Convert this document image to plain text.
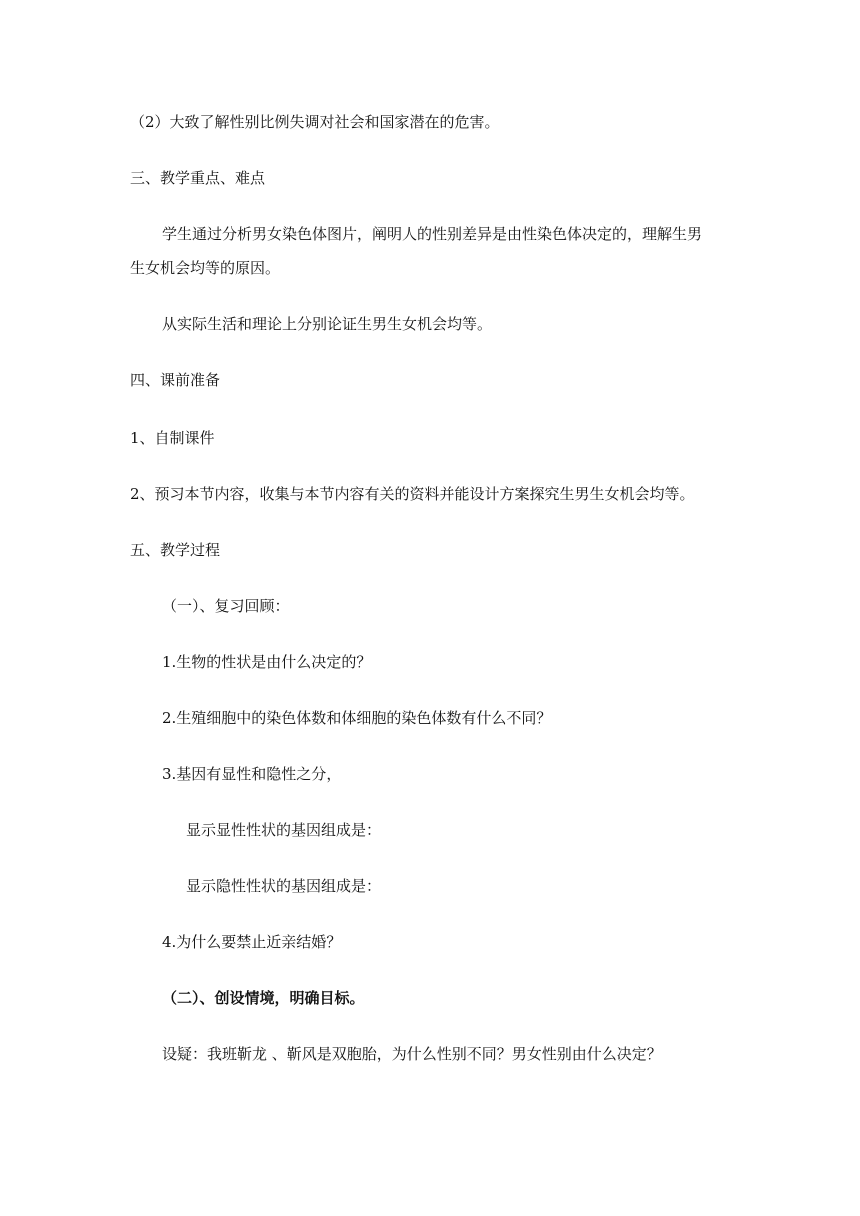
（2）大致了解性别比例失调对社会和国家潜在的危害。

三、教学重点、难点

学生通过分析男女染色体图片，阐明人的性别差异是由性染色体决定的，理解生男

生女机会均等的原因。

从实际生活和理论上分别论证生男生女机会均等。

四、课前准备

1、自制课件

2、预习本节内容，收集与本节内容有关的资料并能设计方案探究生男生女机会均等。

五、教学过程

（一）、复习回顾：

1.生物的性状是由什么决定的？

2.生殖细胞中的染色体数和体细胞的染色体数有什么不同？

3.基因有显性和隐性之分，

显示显性性状的基因组成是：

显示隐性性状的基因组成是：

4.为什么要禁止近亲结婚？

（二）、创设情境，明确目标。

设疑：我班靳龙 、靳风是双胞胎，为什么性别不同？男女性别由什么决定？
